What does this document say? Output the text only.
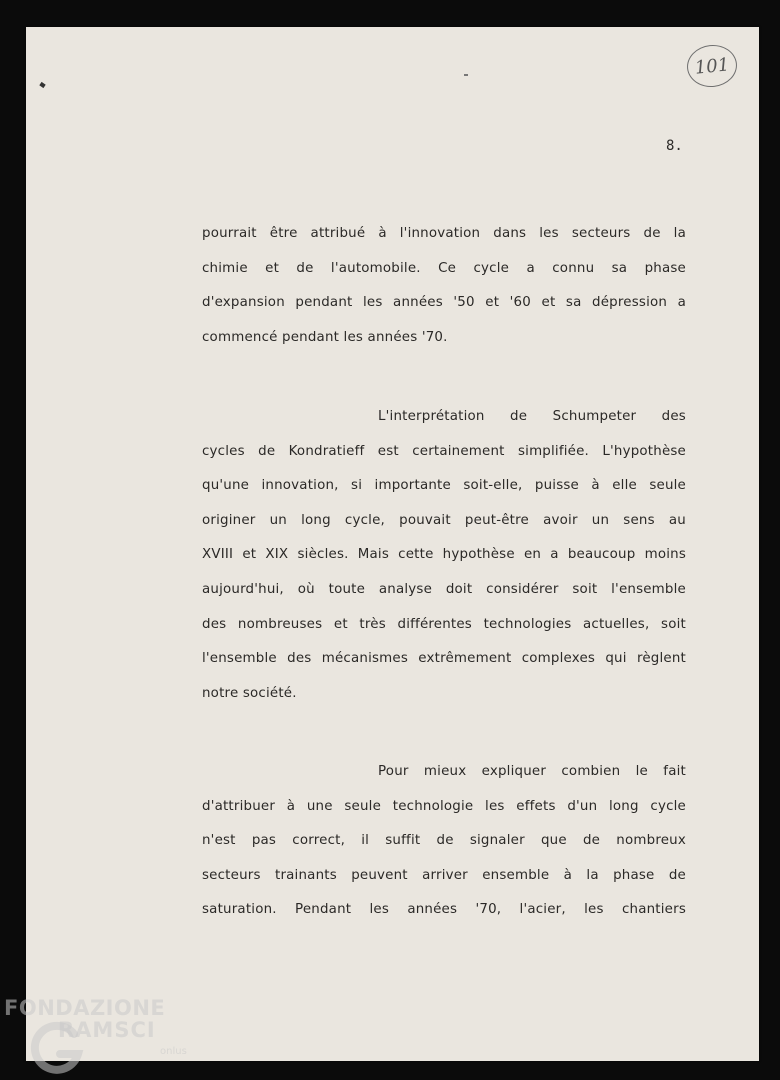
101
8.
pourrait être attribué à l'innovation dans les secteurs de la
chimie et de l'automobile. Ce cycle a connu sa phase
d'expansion pendant les années '50 et '60 et sa dépression a
commencé pendant les années '70.
L'interprétation de Schumpeter des
cycles de Kondratieff est certainement simplifiée. L'hypothèse
qu'une innovation, si importante soit-elle, puisse à elle seule
originer un long cycle, pouvait peut-être avoir un sens au
XVIII et XIX siècles. Mais cette hypothèse en a beaucoup moins
aujourd'hui, où toute analyse doit considérer soit l'ensemble
des nombreuses et très différentes technologies actuelles, soit
l'ensemble des mécanismes extrêmement complexes qui règlent
notre société.
Pour mieux expliquer combien le fait
d'attribuer à une seule technologie les effets d'un long cycle
n'est pas correct, il suffit de signaler que de nombreux
secteurs trainants peuvent arriver ensemble à la phase de
saturation. Pendant les années '70, l'acier, les chantiers
FONDAZIONE
RAMSCI
onlus
